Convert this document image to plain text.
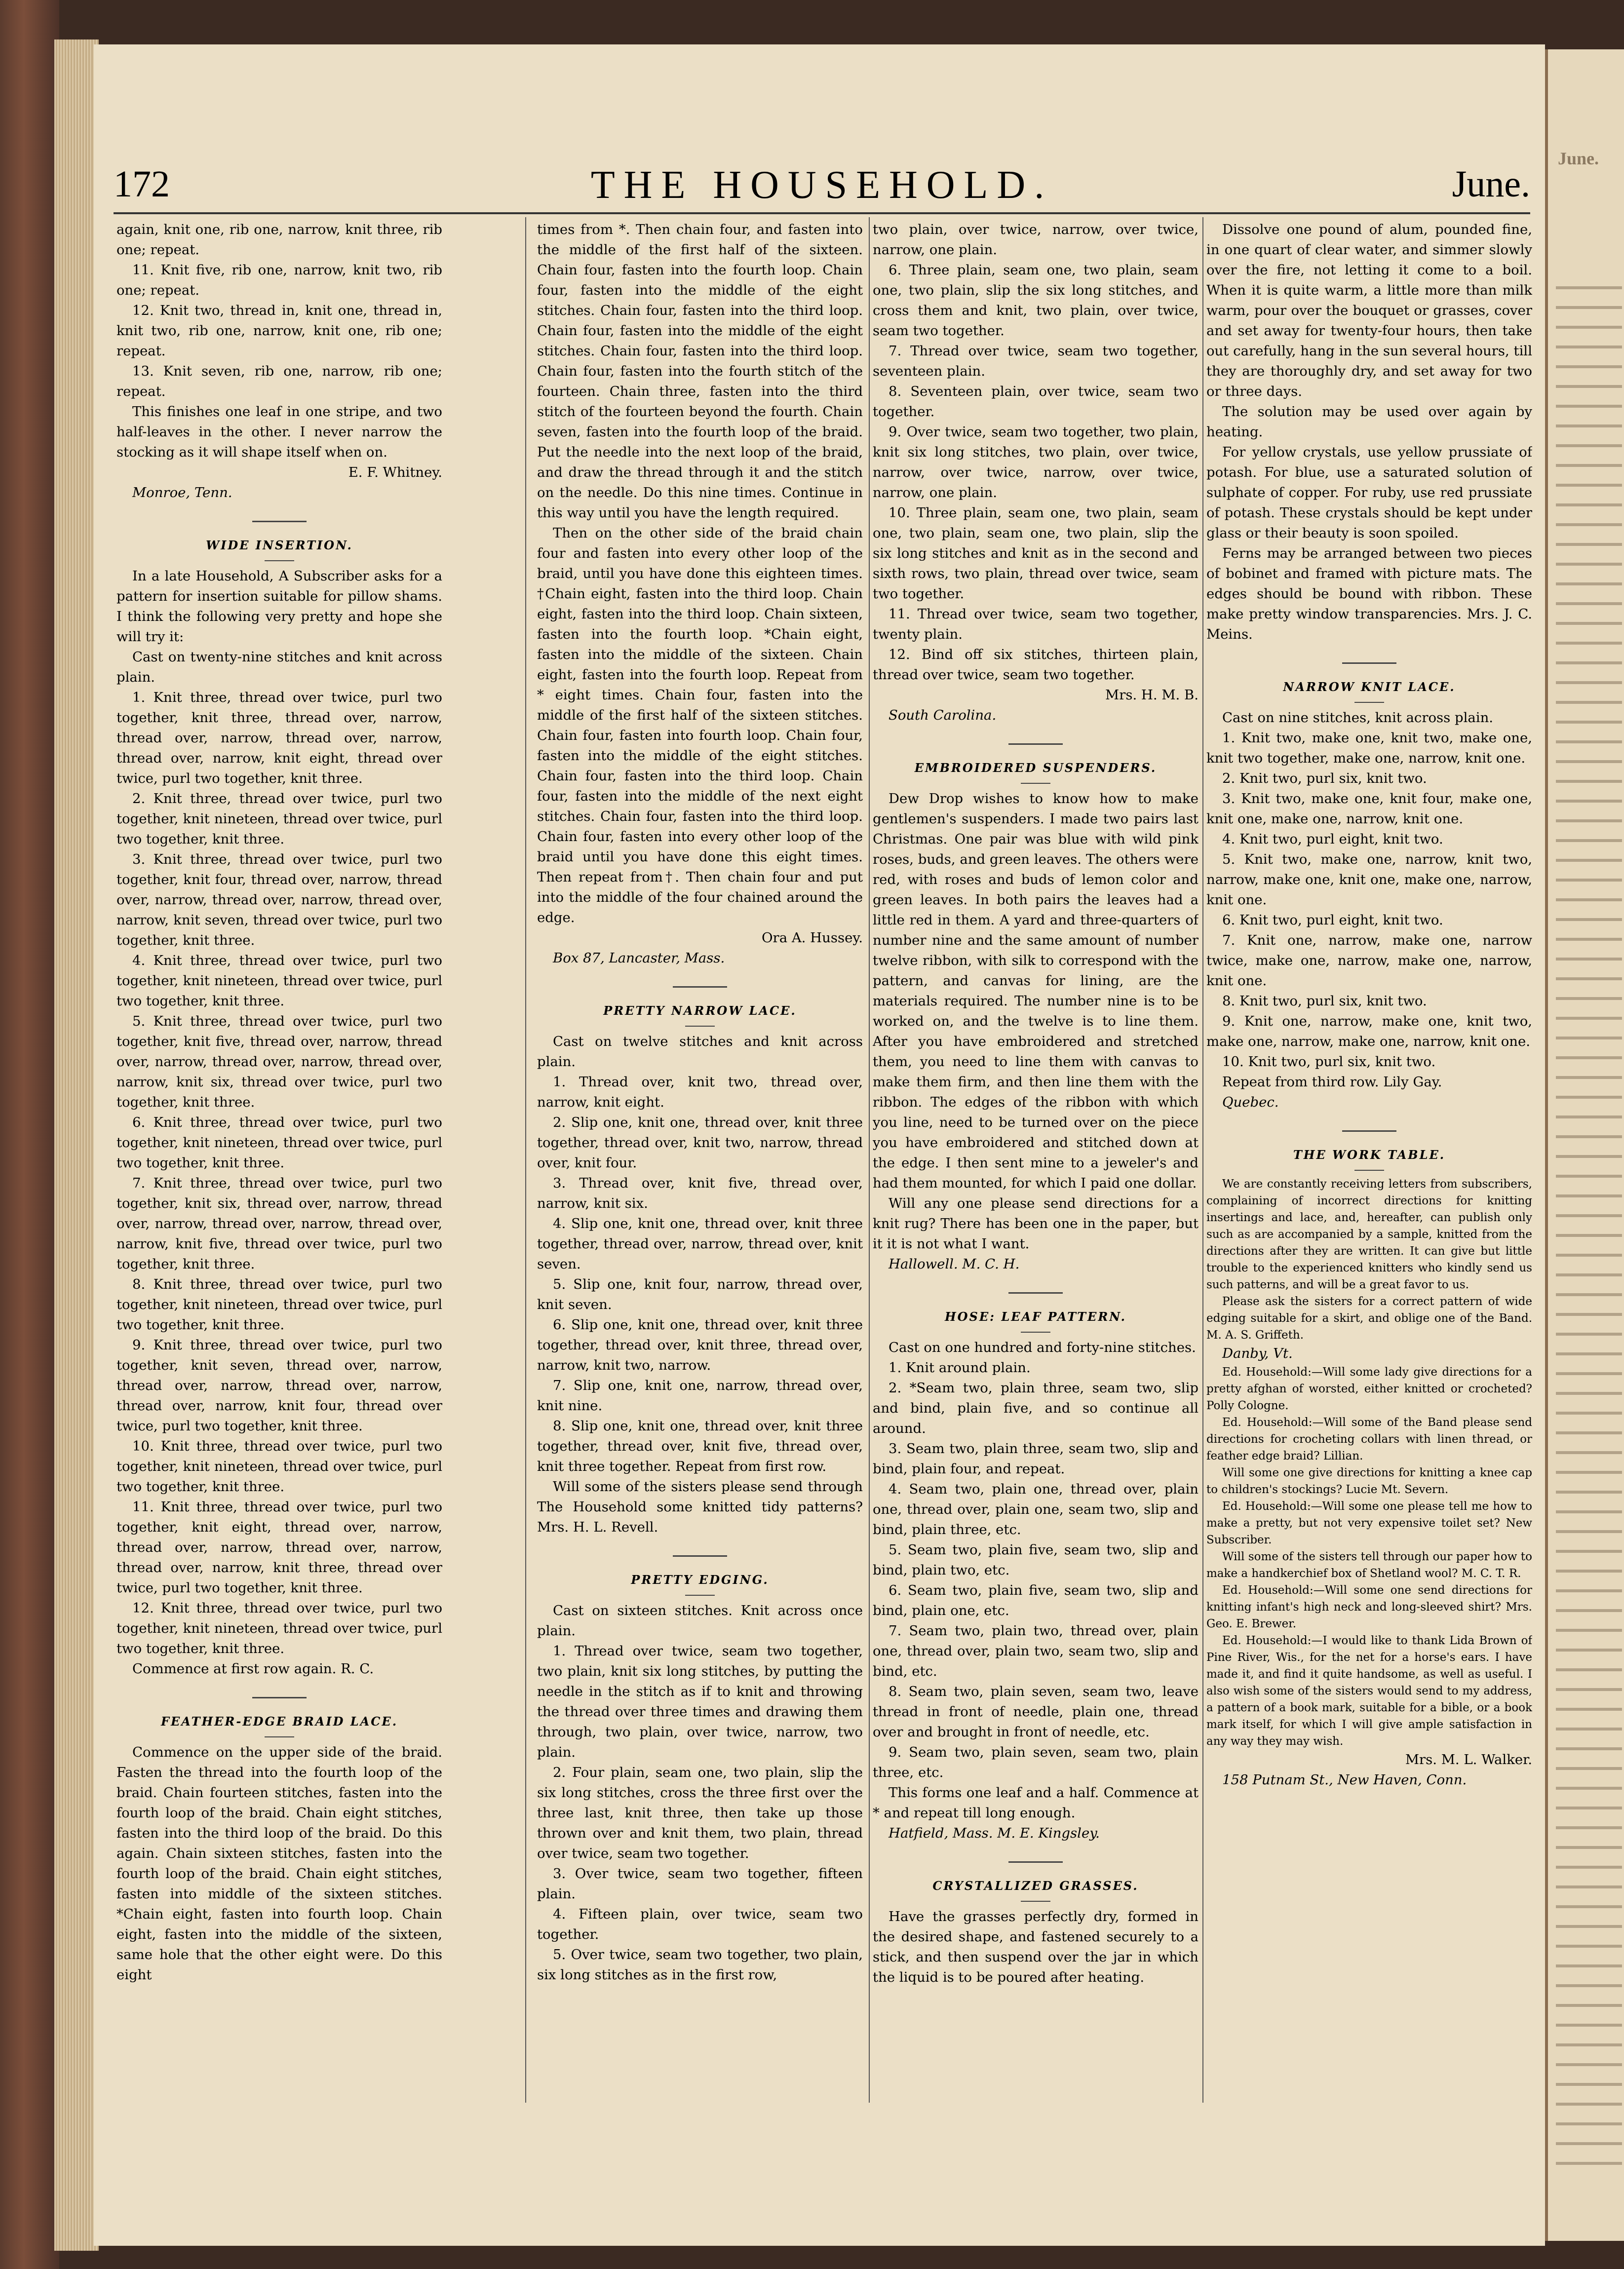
June.
172	THE HOUSEHOLD.	June.
again, knit one, rib one, narrow, knit three, rib one; repeat.
11. Knit five, rib one, narrow, knit two, rib one; repeat.
12. Knit two, thread in, knit one, thread in, knit two, rib one, narrow, knit one, rib one; repeat.
13. Knit seven, rib one, narrow, rib one; repeat.
This finishes one leaf in one stripe, and two half-leaves in the other. I never narrow the stocking as it will shape itself when on.
E. F. Whitney.
Monroe, Tenn.
WIDE INSERTION.
In a late Household, A Subscriber asks for a pattern for insertion suitable for pillow shams. I think the following very pretty and hope she will try it:
Cast on twenty-nine stitches and knit across plain.
1. Knit three, thread over twice, purl two together, knit three, thread over, narrow, thread over, narrow, thread over, narrow, thread over, narrow, knit eight, thread over twice, purl two together, knit three.
2. Knit three, thread over twice, purl two together, knit nineteen, thread over twice, purl two together, knit three.
3. Knit three, thread over twice, purl two together, knit four, thread over, narrow, thread over, narrow, thread over, narrow, thread over, narrow, knit seven, thread over twice, purl two together, knit three.
4. Knit three, thread over twice, purl two together, knit nineteen, thread over twice, purl two together, knit three.
5. Knit three, thread over twice, purl two together, knit five, thread over, narrow, thread over, narrow, thread over, narrow, thread over, narrow, knit six, thread over twice, purl two together, knit three.
6. Knit three, thread over twice, purl two together, knit nineteen, thread over twice, purl two together, knit three.
7. Knit three, thread over twice, purl two together, knit six, thread over, narrow, thread over, narrow, thread over, narrow, thread over, narrow, knit five, thread over twice, purl two together, knit three.
8. Knit three, thread over twice, purl two together, knit nineteen, thread over twice, purl two together, knit three.
9. Knit three, thread over twice, purl two together, knit seven, thread over, narrow, thread over, narrow, thread over, narrow, thread over, narrow, knit four, thread over twice, purl two together, knit three.
10. Knit three, thread over twice, purl two together, knit nineteen, thread over twice, purl two together, knit three.
11. Knit three, thread over twice, purl two together, knit eight, thread over, narrow, thread over, narrow, thread over, narrow, thread over, narrow, knit three, thread over twice, purl two together, knit three.
12. Knit three, thread over twice, purl two together, knit nineteen, thread over twice, purl two together, knit three.
Commence at first row again. R. C.
FEATHER-EDGE BRAID LACE.
Commence on the upper side of the braid. Fasten the thread into the fourth loop of the braid. Chain fourteen stitches, fasten into the fourth loop of the braid. Chain eight stitches, fasten into the third loop of the braid. Do this again. Chain sixteen stitches, fasten into the fourth loop of the braid. Chain eight stitches, fasten into middle of the sixteen stitches. *Chain eight, fasten into fourth loop. Chain eight, fasten into the middle of the sixteen, same hole that the other eight were. Do this eight
times from *. Then chain four, and fasten into the middle of the first half of the sixteen. Chain four, fasten into the fourth loop. Chain four, fasten into the middle of the eight stitches. Chain four, fasten into the third loop. Chain four, fasten into the middle of the eight stitches. Chain four, fasten into the third loop. Chain four, fasten into the fourth stitch of the fourteen. Chain three, fasten into the third stitch of the fourteen beyond the fourth. Chain seven, fasten into the fourth loop of the braid. Put the needle into the next loop of the braid, and draw the thread through it and the stitch on the needle. Do this nine times. Continue in this way until you have the length required.
Then on the other side of the braid chain four and fasten into every other loop of the braid, until you have done this eighteen times. †Chain eight, fasten into the third loop. Chain eight, fasten into the third loop. Chain sixteen, fasten into the fourth loop. *Chain eight, fasten into the middle of the sixteen. Chain eight, fasten into the fourth loop. Repeat from * eight times. Chain four, fasten into the middle of the first half of the sixteen stitches. Chain four, fasten into fourth loop. Chain four, fasten into the middle of the eight stitches. Chain four, fasten into the third loop. Chain four, fasten into the middle of the next eight stitches. Chain four, fasten into the third loop. Chain four, fasten into every other loop of the braid until you have done this eight times. Then repeat from†. Then chain four and put into the middle of the four chained around the edge.
Ora A. Hussey.
Box 87, Lancaster, Mass.
PRETTY NARROW LACE.
Cast on twelve stitches and knit across plain.
1. Thread over, knit two, thread over, narrow, knit eight.
2. Slip one, knit one, thread over, knit three together, thread over, knit two, narrow, thread over, knit four.
3. Thread over, knit five, thread over, narrow, knit six.
4. Slip one, knit one, thread over, knit three together, thread over, narrow, thread over, knit seven.
5. Slip one, knit four, narrow, thread over, knit seven.
6. Slip one, knit one, thread over, knit three together, thread over, knit three, thread over, narrow, knit two, narrow.
7. Slip one, knit one, narrow, thread over, knit nine.
8. Slip one, knit one, thread over, knit three together, thread over, knit five, thread over, knit three together. Repeat from first row.
Will some of the sisters please send through The Household some knitted tidy patterns? Mrs. H. L. Revell.
PRETTY EDGING.
Cast on sixteen stitches. Knit across once plain.
1. Thread over twice, seam two together, two plain, knit six long stitches, by putting the needle in the stitch as if to knit and throwing the thread over three times and drawing them through, two plain, over twice, narrow, two plain.
2. Four plain, seam one, two plain, slip the six long stitches, cross the three first over the three last, knit three, then take up those thrown over and knit them, two plain, thread over twice, seam two together.
3. Over twice, seam two together, fifteen plain.
4. Fifteen plain, over twice, seam two together.
5. Over twice, seam two together, two plain, six long stitches as in the first row,
two plain, over twice, narrow, over twice, narrow, one plain.
6. Three plain, seam one, two plain, seam one, two plain, slip the six long stitches, and cross them and knit, two plain, over twice, seam two together.
7. Thread over twice, seam two together, seventeen plain.
8. Seventeen plain, over twice, seam two together.
9. Over twice, seam two together, two plain, knit six long stitches, two plain, over twice, narrow, over twice, narrow, over twice, narrow, one plain.
10. Three plain, seam one, two plain, seam one, two plain, seam one, two plain, slip the six long stitches and knit as in the second and sixth rows, two plain, thread over twice, seam two together.
11. Thread over twice, seam two together, twenty plain.
12. Bind off six stitches, thirteen plain, thread over twice, seam two together.
Mrs. H. M. B.
South Carolina.
EMBROIDERED SUSPENDERS.
Dew Drop wishes to know how to make gentlemen's suspenders. I made two pairs last Christmas. One pair was blue with wild pink roses, buds, and green leaves. The others were red, with roses and buds of lemon color and green leaves. In both pairs the leaves had a little red in them. A yard and three-quarters of number nine and the same amount of number twelve ribbon, with silk to correspond with the pattern, and canvas for lining, are the materials required. The number nine is to be worked on, and the twelve is to line them. After you have embroidered and stretched them, you need to line them with canvas to make them firm, and then line them with the ribbon. The edges of the ribbon with which you line, need to be turned over on the piece you have embroidered and stitched down at the edge. I then sent mine to a jeweler's and had them mounted, for which I paid one dollar.
Will any one please send directions for a knit rug? There has been one in the paper, but it it is not what I want.
Hallowell. M. C. H.
HOSE: LEAF PATTERN.
Cast on one hundred and forty-nine stitches.
1. Knit around plain.
2. *Seam two, plain three, seam two, slip and bind, plain five, and so continue all around.
3. Seam two, plain three, seam two, slip and bind, plain four, and repeat.
4. Seam two, plain one, thread over, plain one, thread over, plain one, seam two, slip and bind, plain three, etc.
5. Seam two, plain five, seam two, slip and bind, plain two, etc.
6. Seam two, plain five, seam two, slip and bind, plain one, etc.
7. Seam two, plain two, thread over, plain one, thread over, plain two, seam two, slip and bind, etc.
8. Seam two, plain seven, seam two, leave thread in front of needle, plain one, thread over and brought in front of needle, etc.
9. Seam two, plain seven, seam two, plain three, etc.
This forms one leaf and a half. Commence at * and repeat till long enough.
Hatfield, Mass. M. E. Kingsley.
CRYSTALLIZED GRASSES.
Have the grasses perfectly dry, formed in the desired shape, and fastened securely to a stick, and then suspend over the jar in which the liquid is to be poured after heating.
Dissolve one pound of alum, pounded fine, in one quart of clear water, and simmer slowly over the fire, not letting it come to a boil. When it is quite warm, a little more than milk warm, pour over the bouquet or grasses, cover and set away for twenty-four hours, then take out carefully, hang in the sun several hours, till they are thoroughly dry, and set away for two or three days.
The solution may be used over again by heating.
For yellow crystals, use yellow prussiate of potash. For blue, use a saturated solution of sulphate of copper. For ruby, use red prussiate of potash. These crystals should be kept under glass or their beauty is soon spoiled.
Ferns may be arranged between two pieces of bobinet and framed with picture mats. The edges should be bound with ribbon. These make pretty window transparencies. Mrs. J. C. Meins.
NARROW KNIT LACE.
Cast on nine stitches, knit across plain.
1. Knit two, make one, knit two, make one, knit two together, make one, narrow, knit one.
2. Knit two, purl six, knit two.
3. Knit two, make one, knit four, make one, knit one, make one, narrow, knit one.
4. Knit two, purl eight, knit two.
5. Knit two, make one, narrow, knit two, narrow, make one, knit one, make one, narrow, knit one.
6. Knit two, purl eight, knit two.
7. Knit one, narrow, make one, narrow twice, make one, narrow, make one, narrow, knit one.
8. Knit two, purl six, knit two.
9. Knit one, narrow, make one, knit two, make one, narrow, make one, narrow, knit one.
10. Knit two, purl six, knit two.
Repeat from third row. Lily Gay.
Quebec.
THE WORK TABLE.
We are constantly receiving letters from subscribers, complaining of incorrect directions for knitting insertings and lace, and, hereafter, can publish only such as are accompanied by a sample, knitted from the directions after they are written. It can give but little trouble to the experienced knitters who kindly send us such patterns, and will be a great favor to us.
Please ask the sisters for a correct pattern of wide edging suitable for a skirt, and oblige one of the Band. M. A. S. Griffeth.
Danby, Vt.
Ed. Household:—Will some lady give directions for a pretty afghan of worsted, either knitted or crocheted? Polly Cologne.
Ed. Household:—Will some of the Band please send directions for crocheting collars with linen thread, or feather edge braid? Lillian.
Will some one give directions for knitting a knee cap to children's stockings? Lucie Mt. Severn.
Ed. Household:—Will some one please tell me how to make a pretty, but not very expensive toilet set? New Subscriber.
Will some of the sisters tell through our paper how to make a handkerchief box of Shetland wool? M. C. T. R.
Ed. Household:—Will some one send directions for knitting infant's high neck and long-sleeved shirt? Mrs. Geo. E. Brewer.
Ed. Household:—I would like to thank Lida Brown of Pine River, Wis., for the net for a horse's ears. I have made it, and find it quite handsome, as well as useful. I also wish some of the sisters would send to my address, a pattern of a book mark, suitable for a bible, or a book mark itself, for which I will give ample satisfaction in any way they may wish.
Mrs. M. L. Walker.
158 Putnam St., New Haven, Conn.
